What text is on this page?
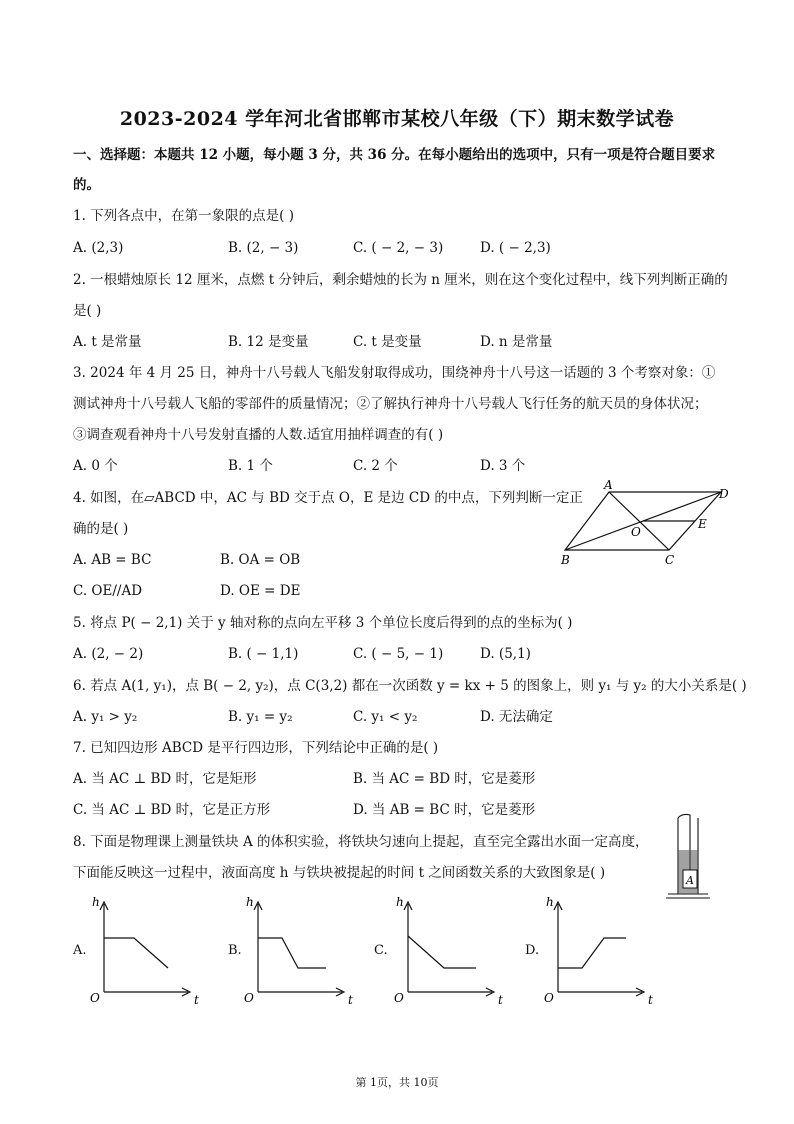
2023-2024 学年河北省邯郸市某校八年级（下）期末数学试卷
一、选择题：本题共 12 小题，每小题 3 分，共 36 分。在每小题给出的选项中，只有一项是符合题目要求
的。
1. 下列各点中，在第一象限的点是( )
A. (2,3)	B. (2, − 3)	C. ( − 2, − 3)	D. ( − 2,3)
2. 一根蜡烛原长 12 厘米，点燃 t 分钟后，剩余蜡烛的长为 n 厘米，则在这个变化过程中，线下列判断正确的
是( )
A. t 是常量	B. 12 是变量	C. t 是变量	D. n 是常量
3. 2024 年 4 月 25 日，神舟十八号载人飞船发射取得成功，围绕神舟十八号这一话题的 3 个考察对象：①
测试神舟十八号载人飞船的零部件的质量情况；②了解执行神舟十八号载人飞行任务的航天员的身体状况；
③调查观看神舟十八号发射直播的人数.适宜用抽样调查的有( )
A. 0 个	B. 1 个	C. 2 个	D. 3 个
4. 如图，在▱ABCD 中，AC 与 BD 交于点 O，E 是边 CD 的中点，下列判断一定正
确的是( )
A. AB = BC	B. OA = OB
C. OE//AD	D. OE = DE
A
D
E
O
B	C
5. 将点 P( − 2,1) 关于 y 轴对称的点向左平移 3 个单位长度后得到的点的坐标为( )
A. (2, − 2)	B. ( − 1,1)	C. ( − 5, − 1)	D. (5,1)
6. 若点 A(1, y₁)，点 B( − 2, y₂)，点 C(3,2) 都在一次函数 y = kx + 5 的图象上，则 y₁ 与 y₂ 的大小关系是( )
A. y₁ > y₂	B. y₁ = y₂	C. y₁ < y₂	D. 无法确定
7. 已知四边形 ABCD 是平行四边形，下列结论中正确的是( )
A. 当 AC ⊥ BD 时，它是矩形	B. 当 AC = BD 时，它是菱形
C. 当 AC ⊥ BD 时，它是正方形	D. 当 AB = BC 时，它是菱形
8. 下面是物理课上测量铁块 A 的体积实验，将铁块匀速向上提起，直至完全露出水面一定高度，
下面能反映这一过程中，液面高度 h 与铁块被提起的时间 t 之间函数关系的大致图象是( )	A
A.	B.	C.	D.
h
O	t
h
O	t
h
O	t
h
O	t
第 1页，共 10页
